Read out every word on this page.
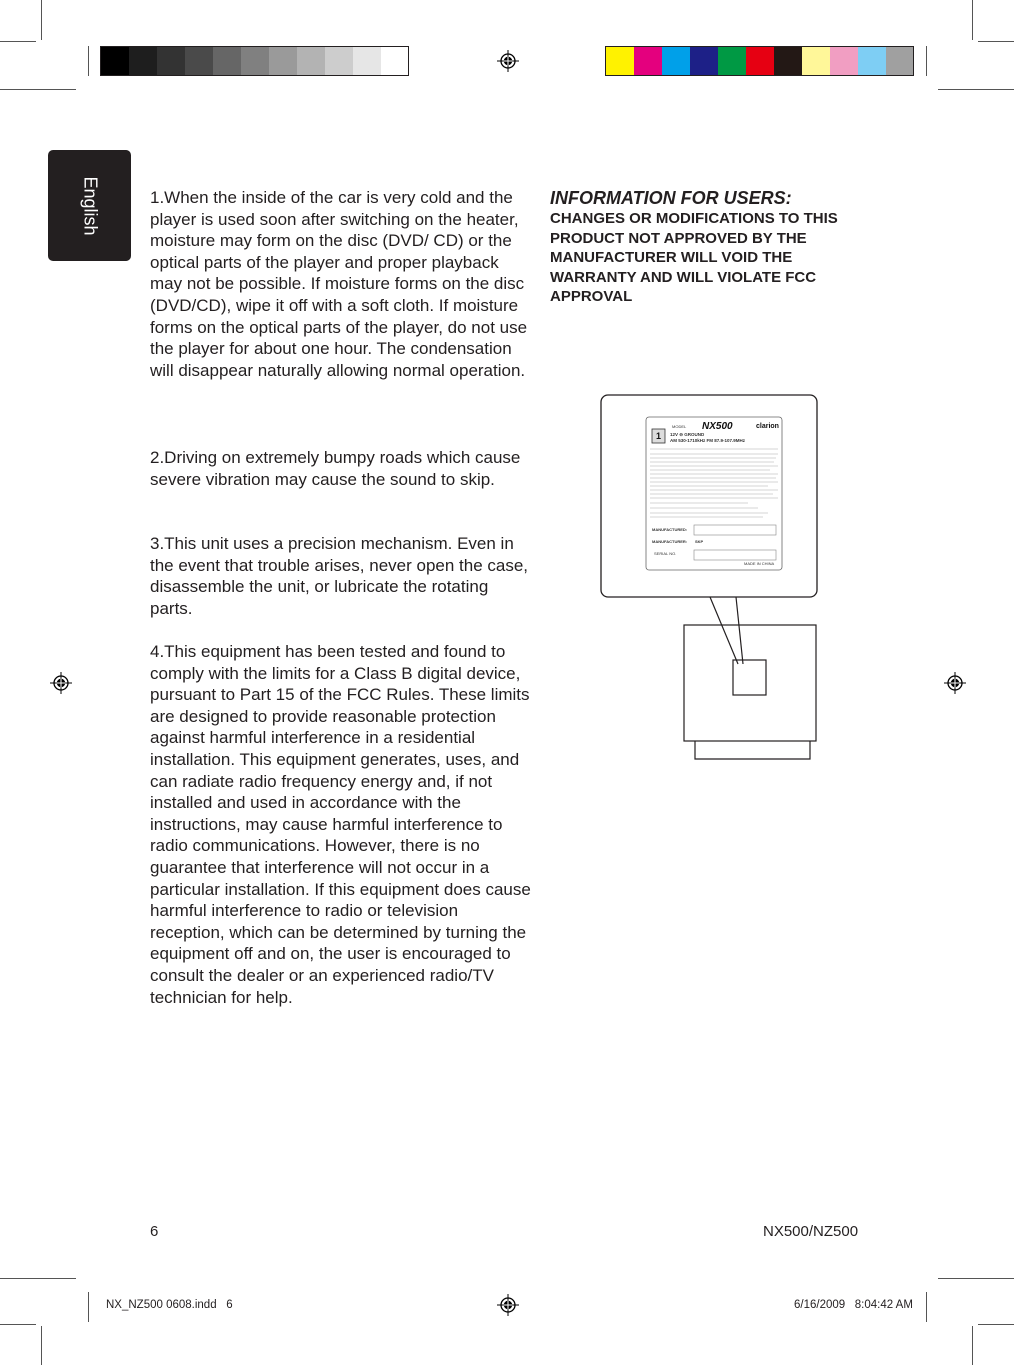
English	1.When the inside of the car is very cold and the player is used soon after switching on the heater, moisture may form on the disc (DVD/ CD) or the optical parts of the player and proper playback may not be possible. If moisture forms on the disc (DVD/CD), wipe it off with a soft cloth. If moisture forms on the optical parts of the player, do not use the player for about one hour. The condensation will disappear naturally allowing normal operation.

2.Driving on extremely bumpy roads which cause severe vibration may cause the sound to skip.

3.This unit uses a precision mechanism. Even in the event that trouble arises, never open the case, disassemble the unit, or lubricate the rotating parts.

4.This equipment has been tested and found to comply with the limits for a Class B digital device, pursuant to Part 15 of the FCC Rules. These limits are designed to provide reasonable protection against harmful interference in a residential installation. This equipment generates, uses, and can radiate radio frequency energy and, if not installed and used in accordance with the instructions, may cause harmful interference to radio communications. However, there is no guarantee that interference will not occur in a particular installation. If this equipment does cause harmful interference to radio or television reception, which can be determined by turning the equipment off and on, the user is encouraged to consult the dealer or an experienced radio/TV technician for help.

INFORMATION FOR USERS:
CHANGES OR MODIFICATIONS TO THIS PRODUCT NOT APPROVED BY THE MANUFACTURER WILL VOID THE WARRANTY AND WILL VIOLATE FCC APPROVAL
MODEL NX500	clarion
1 12V ⊖ GROUND
AM 530-1710kHz FM 87.9-107.9MHz
MANUFACTURED:
MANUFACTURER: SKP
SERIAL NO.
MADE IN CHINA
6	NX500/NZ500
NX_NZ500 0608.indd   6	6/16/2009   8:04:42 AM
